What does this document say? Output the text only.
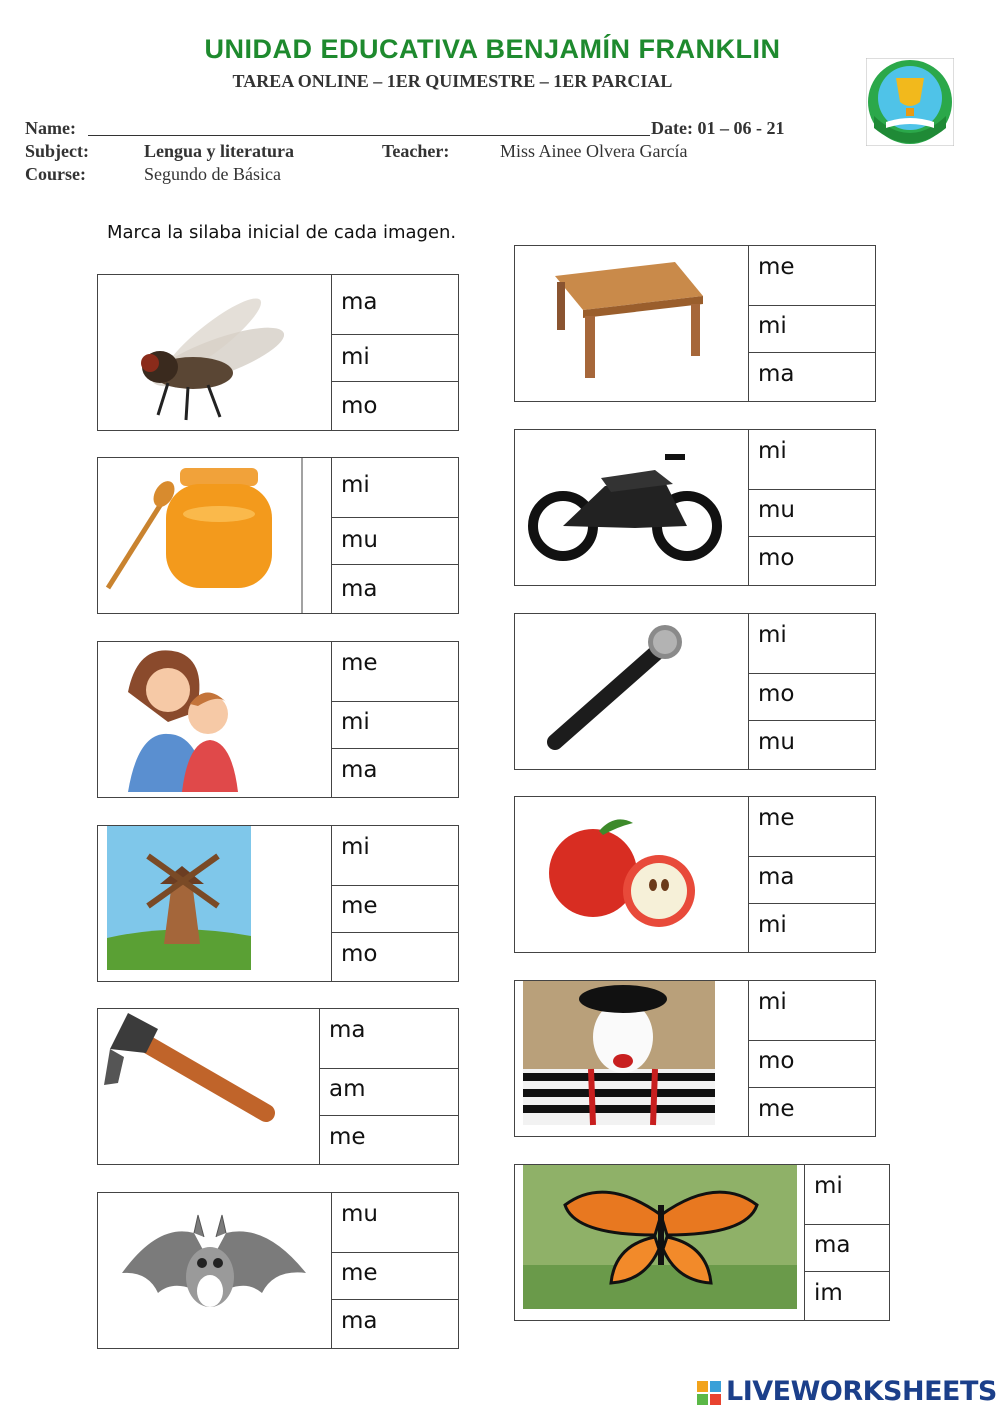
UNIDAD EDUCATIVA BENJAMÍN FRANKLIN
TAREA ONLINE – 1ER QUIMESTRE – 1ER PARCIAL
Name:	Date: 01 – 06 - 21
Subject:	Lengua y literatura	Teacher:	Miss Ainee Olvera García
Course:	Segundo de Básica
Marca la silaba inicial de cada imagen.
ma
mi
mo
mi
mu
ma
me
mi
ma
mi
me
mo
ma
am
me
mu
me
ma
me
mi
ma
mi
mu
mo
mi
mo
mu
me
ma
mi
mi
mo
me
mi
ma
im
LIVEWORKSHEETS
